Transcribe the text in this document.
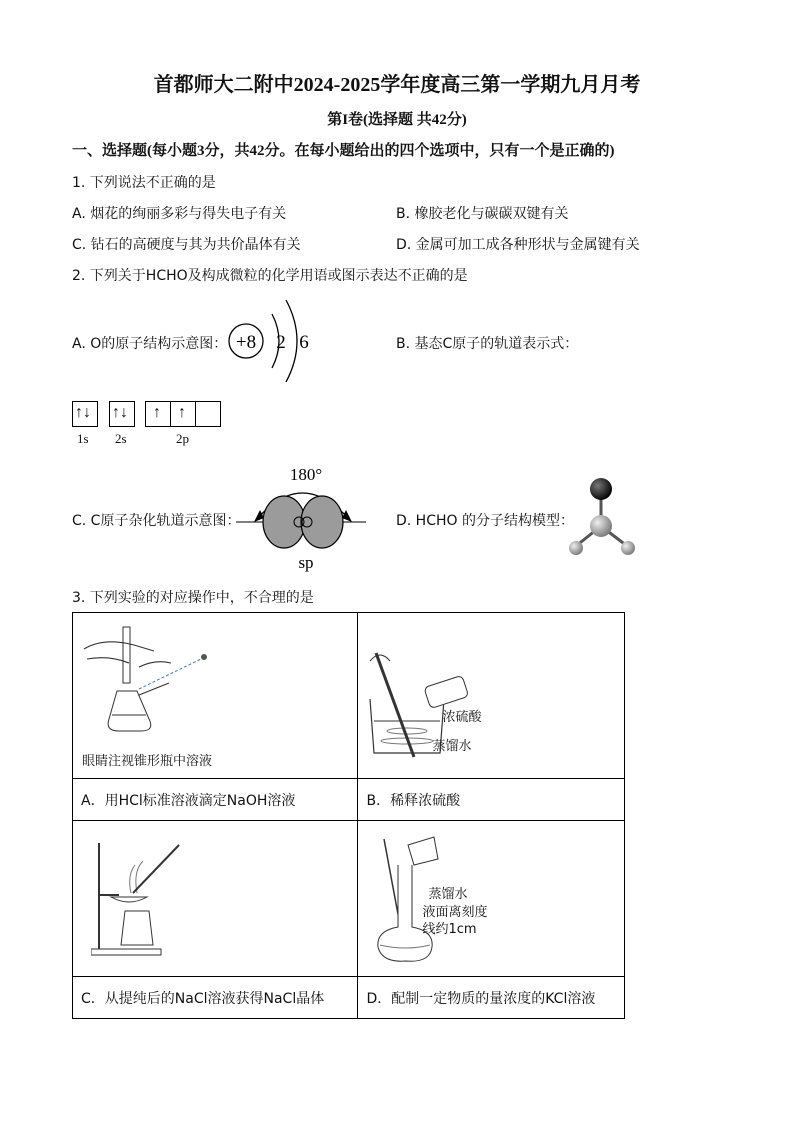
首都师大二附中2024-2025学年度高三第一学期九月月考
第I卷(选择题 共42分)
一、选择题(每小题3分，共42分。在每小题给出的四个选项中，只有一个是正确的)
1. 下列说法不正确的是
A. 烟花的绚丽多彩与得失电子有关	B. 橡胶老化与碳碳双键有关
C. 钻石的高硬度与其为共价晶体有关	D. 金属可加工成各种形状与金属键有关
2. 下列关于HCHO及构成微粒的化学用语或图示表达不正确的是
A. O的原子结构示意图： +8 2 6	B. 基态C原子的轨道表示式：
↑↓ ↑↓ ↑ ↑
1s 2s	2p
C. C原子杂化轨道示意图：
180°
sp
D. HCHO 的分子结构模型：
3. 下列实验的对应操作中，不合理的是
眼睛注视锥形瓶中溶液	浓硫酸
蒸馏水

A．用HCl标准溶液滴定NaOH溶液	B．稀释浓硫酸

蒸馏水
液面离刻度
线约1cm

C．从提纯后的NaCl溶液获得NaCl晶体	D．配制一定物质的量浓度的KCl溶液
